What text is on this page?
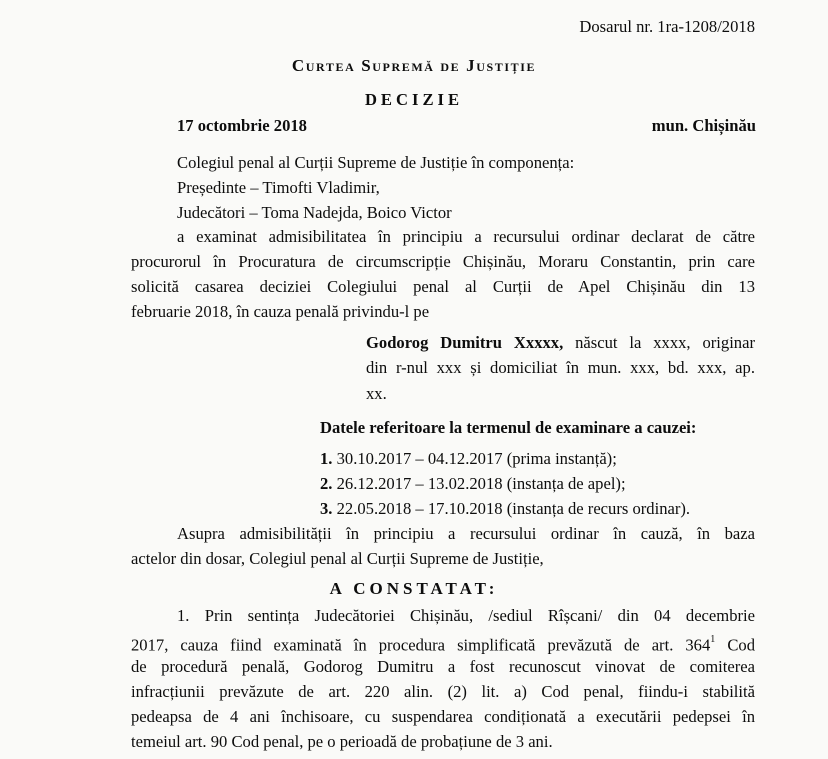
Dosarul nr. 1ra-1208/2018
Curtea Supremă de Justiție
DECIZIE
17 octombrie 2018	mun. Chișinău
Colegiul penal al Curții Supreme de Justiție în componența:
Președinte – Timofti Vladimir,
Judecători – Toma Nadejda, Boico Victor
a examinat admisibilitatea în principiu a recursului ordinar declarat de către
procurorul în Procuratura de circumscripție Chișinău, Moraru Constantin, prin care
solicită casarea deciziei Colegiului penal al Curții de Apel Chișinău din 13
februarie 2018, în cauza penală privindu-l pe
Godorog Dumitru Xxxxx, născut la xxxx, originar
din r-nul xxx și domiciliat în mun. xxx, bd. xxx, ap.
xx.
Datele referitoare la termenul de examinare a cauzei:
1. 30.10.2017 – 04.12.2017 (prima instanță);
2. 26.12.2017 – 13.02.2018 (instanța de apel);
3. 22.05.2018 – 17.10.2018 (instanța de recurs ordinar).
Asupra admisibilității în principiu a recursului ordinar în cauză, în baza
actelor din dosar, Colegiul penal al Curții Supreme de Justiție,
A CONSTATAT:
1. Prin sentința Judecătoriei Chișinău, /sediul Rîșcani/ din 04 decembrie
2017, cauza fiind examinată în procedura simplificată prevăzută de art. $364^1$ Cod
de procedură penală, Godorog Dumitru a fost recunoscut vinovat de comiterea
infracțiunii prevăzute de art. 220 alin. (2) lit. a) Cod penal, fiindu-i stabilită
pedeapsa de 4 ani închisoare, cu suspendarea condiționată a executării pedepsei în
temeiul art. 90 Cod penal, pe o perioadă de probațiune de 3 ani.
